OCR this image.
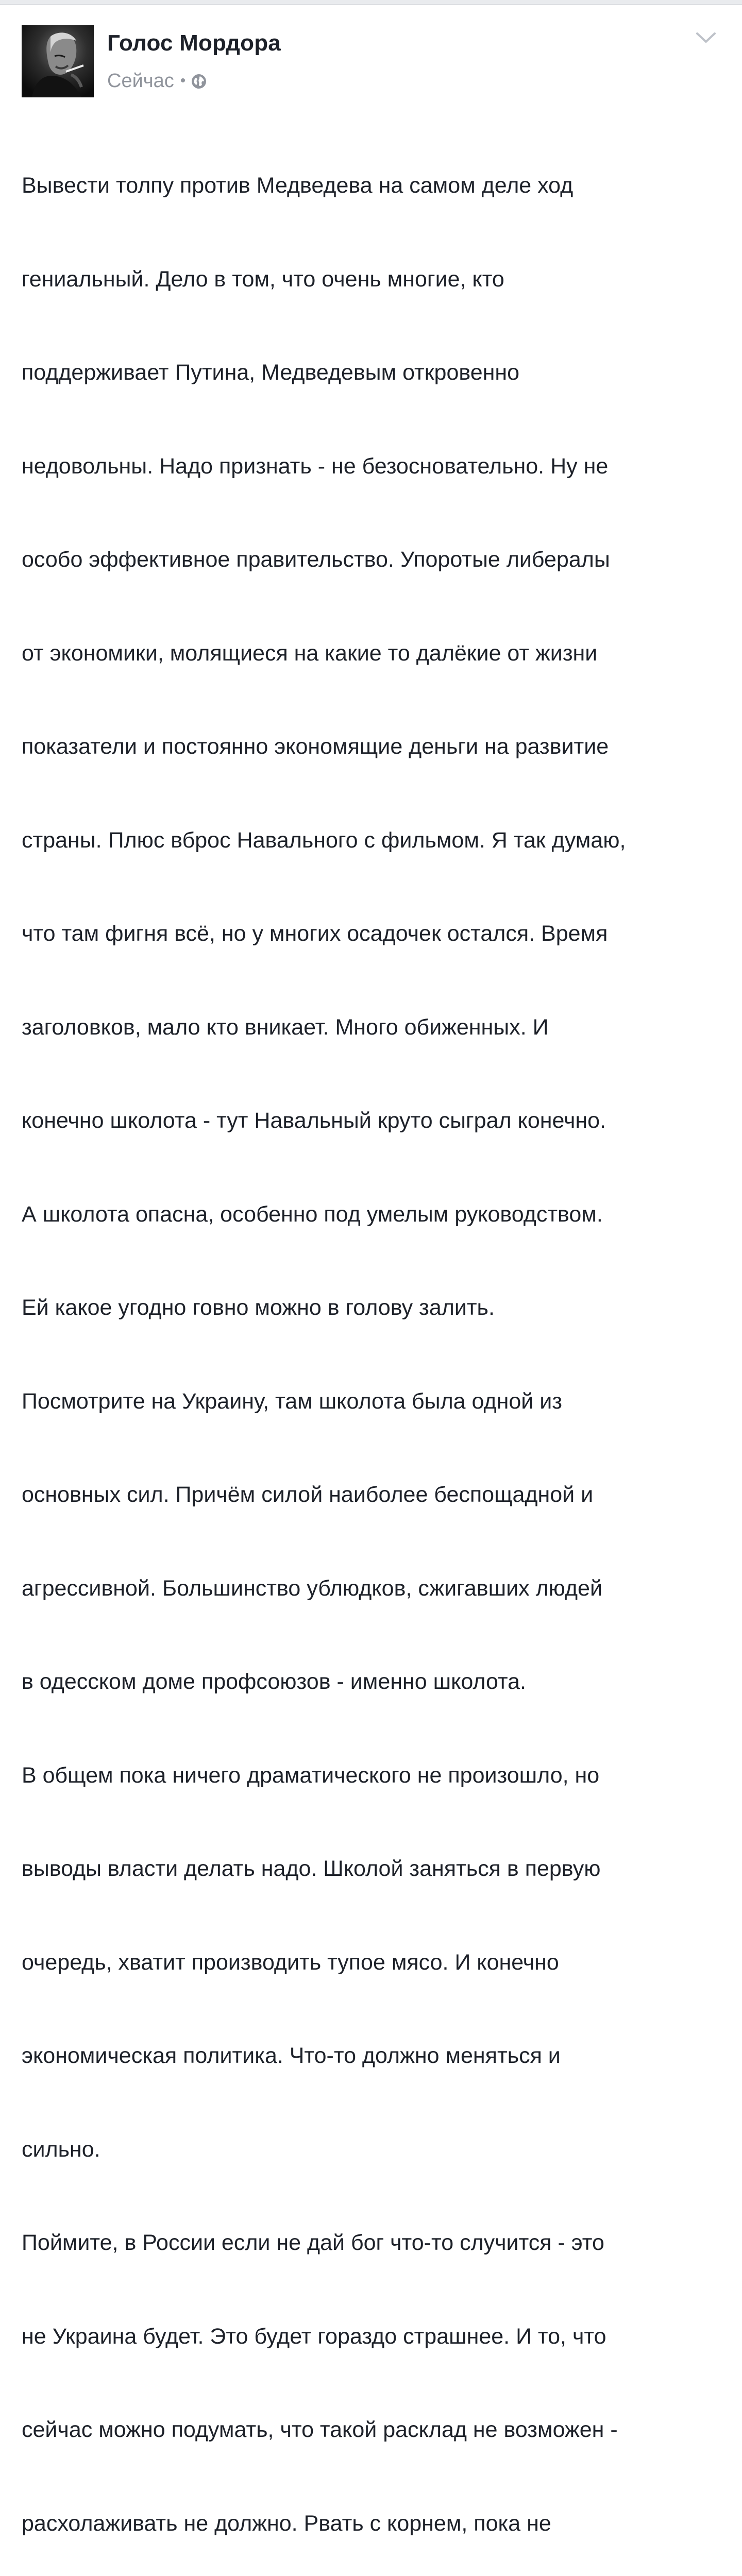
Голос Мордора
Сейчас •

Вывести толпу против Медведева на самом деле ход

гениальный. Дело в том, что очень многие, кто

поддерживает Путина, Медведевым откровенно

недовольны. Надо признать - не безосновательно. Ну не

особо эффективное правительство. Упоротые либералы

от экономики, молящиеся на какие то далёкие от жизни

показатели и постоянно экономящие деньги на развитие

страны. Плюс вброс Навального с фильмом. Я так думаю,

что там фигня всё, но у многих осадочек остался. Время

заголовков, мало кто вникает. Много обиженных. И

конечно школота - тут Навальный круто сыграл конечно.

А школота опасна, особенно под умелым руководством.

Ей какое угодно говно можно в голову залить.

Посмотрите на Украину, там школота была одной из

основных сил. Причём силой наиболее беспощадной и

агрессивной. Большинство ублюдков, сжигавших людей

в одесском доме профсоюзов - именно школота.

В общем пока ничего драматического не произошло, но

выводы власти делать надо. Школой заняться в первую

очередь, хватит производить тупое мясо. И конечно

экономическая политика. Что-то должно меняться и

сильно.

Поймите, в России если не дай бог что-то случится - это

не Украина будет. Это будет гораздо страшнее. И то, что

сейчас можно подумать, что такой расклад не возможен -

расхолаживать не должно. Рвать с корнем, пока не
